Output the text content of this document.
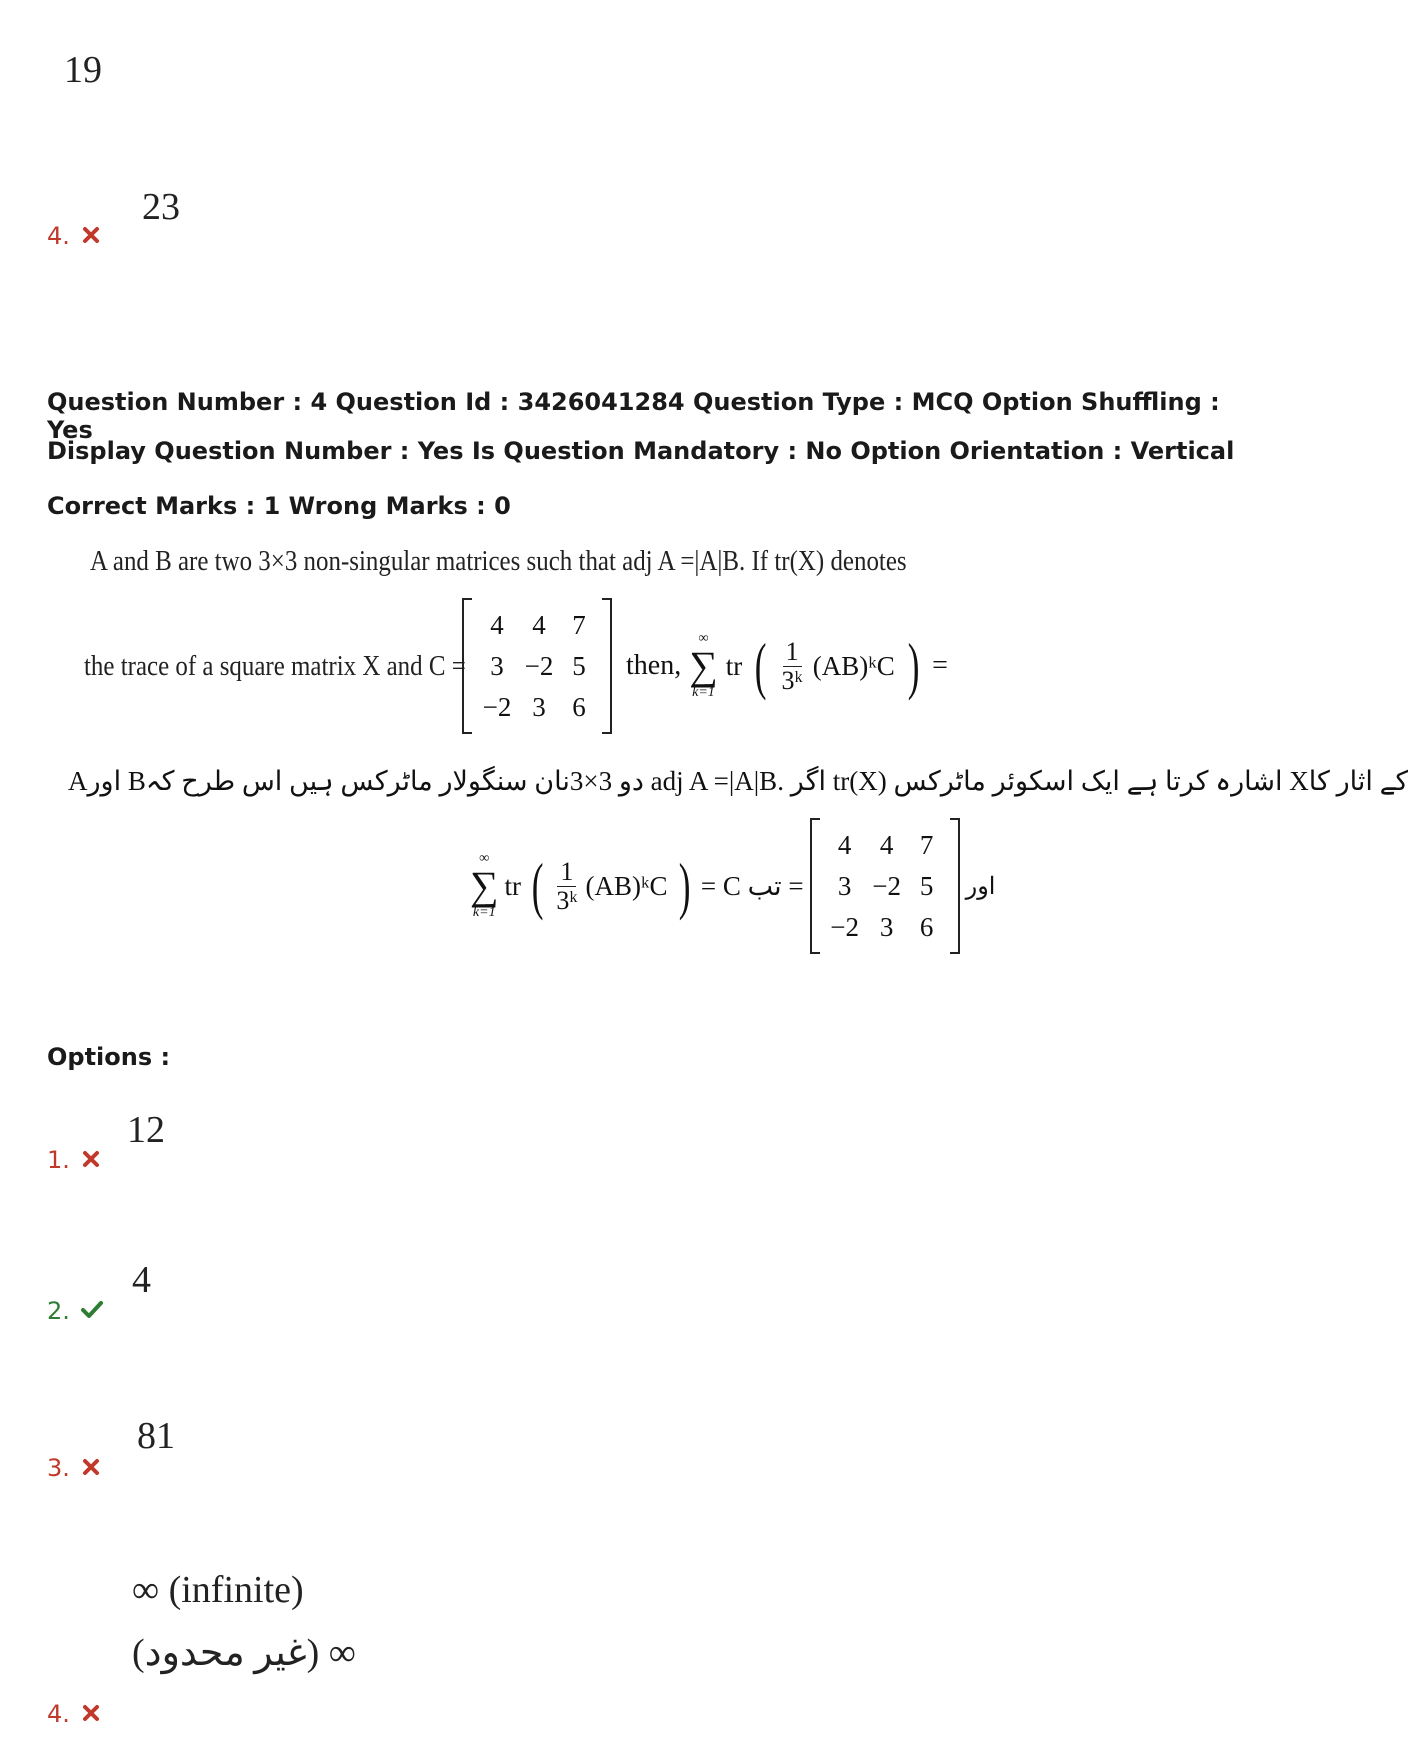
19
4.
23
Question Number : 4 Question Id : 3426041284 Question Type : MCQ Option Shuffling : Yes
Display Question Number : Yes Is Question Mandatory : No Option Orientation : Vertical
Correct Marks : 1 Wrong Marks : 0
A and B are two 3×3 non-singular matrices such that adj A =|A|B. If tr(X) denotes
the trace of a square matrix X and C =
4	4 7
3 −2 5
−2 3 6
then,
∞
∑
k=1
tr ( $\frac{1}{\text{3ᵏ}}$ (AB)ᵏC ) =
Aاور Bدو 3×3نان سنگولار ماٹرکس ہیں اس طرح کہ adj A =|A|B. اگر tr(X) اشارہ کرتا ہے ایک اسکوئر ماٹرکس Xکے اثار کا
∞
∑
k=1
tr ( $\frac{1}{\text{3ᵏ}}$ (AB)ᵏC ) = تب C =
4	4 7
3 −2 5
−2 3 6
اور
Options :
12
1.
4
2.
81
3.
∞ (infinite)
∞ (غیر محدود)
4.
